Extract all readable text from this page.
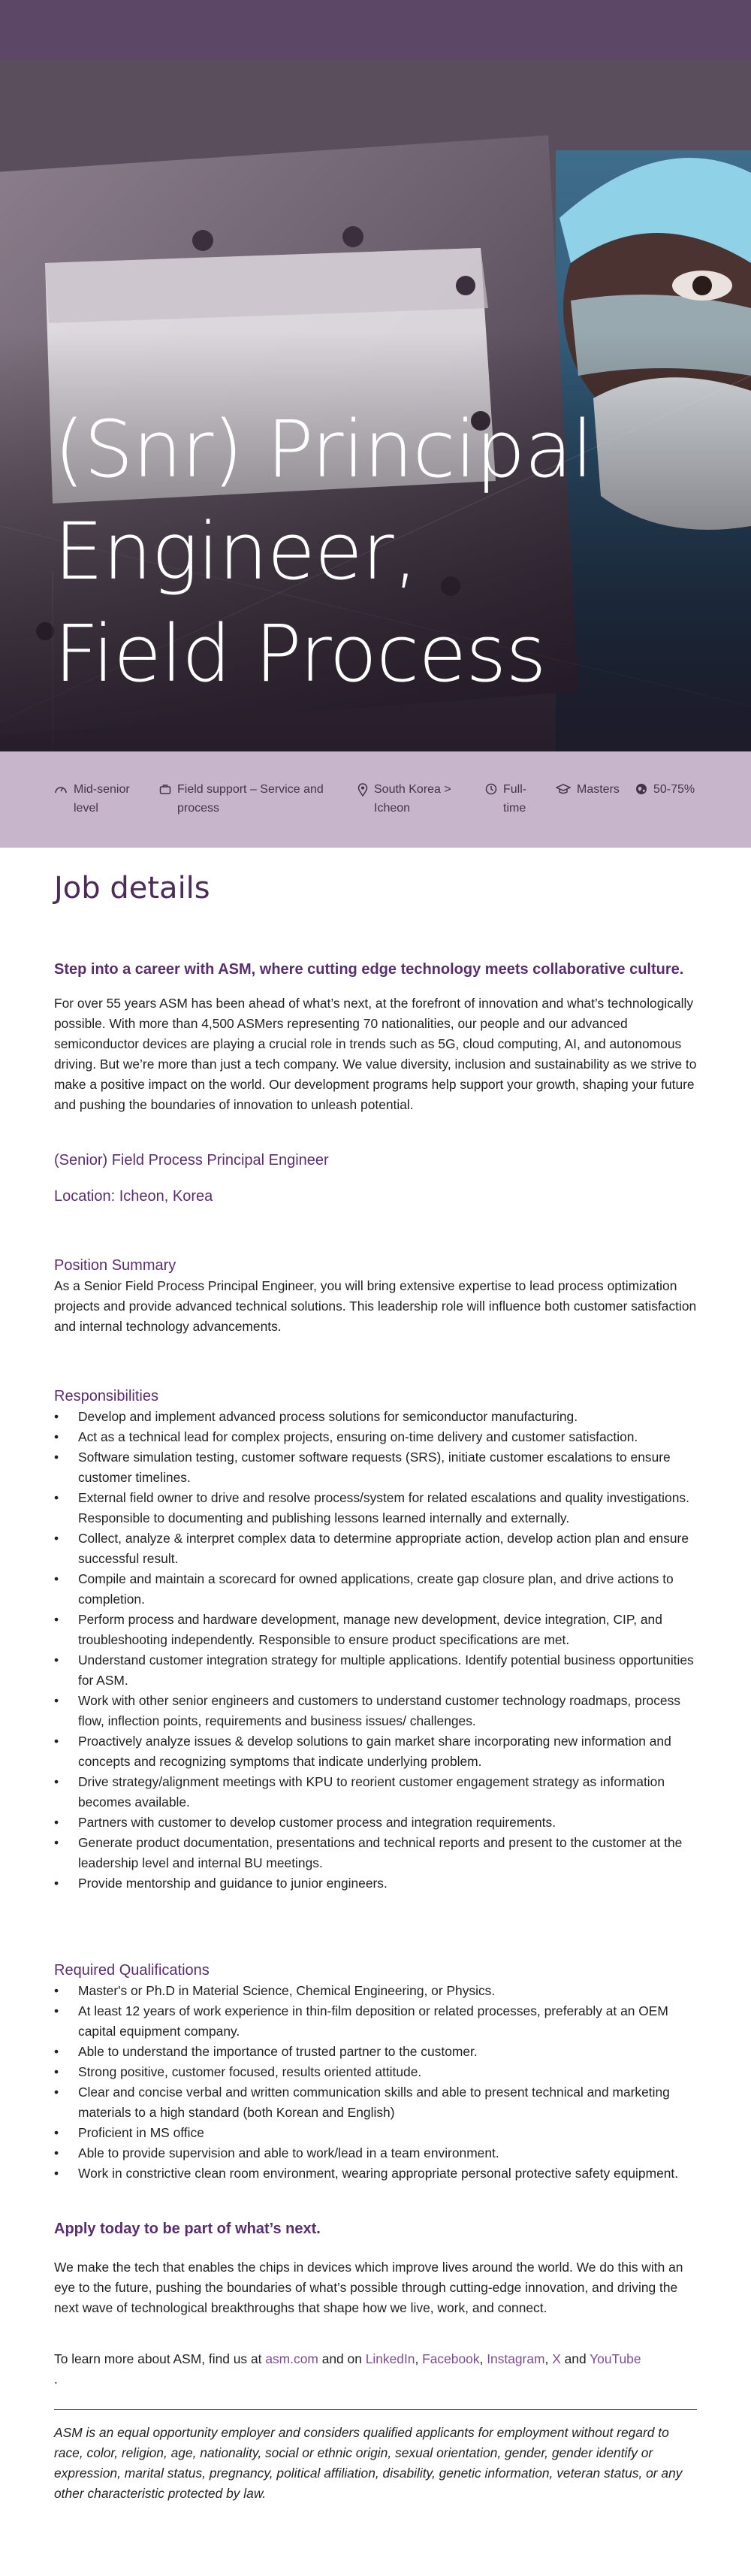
(Snr) Principal
Engineer,
Field Process
Mid-senior level
Field support – Service and process
South Korea > Icheon
Full-time
Masters	50-75%
Job details
Step into a career with ASM, where cutting edge technology meets collaborative culture.

For over 55 years ASM has been ahead of what’s next, at the forefront of innovation and what’s technologically possible. With more than 4,500 ASMers representing 70 nationalities, our people and our advanced semiconductor devices are playing a crucial role in trends such as 5G, cloud computing, AI, and autonomous driving. But we’re more than just a tech company. We value diversity, inclusion and sustainability as we strive to make a positive impact on the world. Our development programs help support your growth, shaping your future and pushing the boundaries of innovation to unleash potential.

(Senior) Field Process Principal Engineer
Location: Icheon, Korea
Position Summary

As a Senior Field Process Principal Engineer, you will bring extensive expertise to lead process optimization projects and provide advanced technical solutions. This leadership role will influence both customer satisfaction and internal technology advancements.

Responsibilities
• Develop and implement advanced process solutions for semiconductor manufacturing.
• Act as a technical lead for complex projects, ensuring on-time delivery and customer satisfaction.
• Software simulation testing, customer software requests (SRS), initiate customer escalations to ensure customer timelines.
• External field owner to drive and resolve process/system for related escalations and quality investigations. Responsible to documenting and publishing lessons learned internally and externally.
• Collect, analyze & interpret complex data to determine appropriate action, develop action plan and ensure successful result.
• Compile and maintain a scorecard for owned applications, create gap closure plan, and drive actions to completion.
• Perform process and hardware development, manage new development, device integration, CIP, and troubleshooting independently. Responsible to ensure product specifications are met.
• Understand customer integration strategy for multiple applications. Identify potential business opportunities for ASM.
• Work with other senior engineers and customers to understand customer technology roadmaps, process flow, inflection points, requirements and business issues/ challenges.
• Proactively analyze issues & develop solutions to gain market share incorporating new information and concepts and recognizing symptoms that indicate underlying problem.
• Drive strategy/alignment meetings with KPU to reorient customer engagement strategy as information becomes available.
• Partners with customer to develop customer process and integration requirements.
• Generate product documentation, presentations and technical reports and present to the customer at the leadership level and internal BU meetings.
• Provide mentorship and guidance to junior engineers.
Required Qualifications
• Master's or Ph.D in Material Science, Chemical Engineering, or Physics.
• At least 12 years of work experience in thin-film deposition or related processes, preferably at an OEM capital equipment company.
• Able to understand the importance of trusted partner to the customer.
• Strong positive, customer focused, results oriented attitude.
• Clear and concise verbal and written communication skills and able to present technical and marketing materials to a high standard (both Korean and English)
• Proficient in MS office
• Able to provide supervision and able to work/lead in a team environment.
• Work in constrictive clean room environment, wearing appropriate personal protective safety equipment.
Apply today to be part of what’s next.

We make the tech that enables the chips in devices which improve lives around the world. We do this with an eye to the future, pushing the boundaries of what’s possible through cutting-edge innovation, and driving the next wave of technological breakthroughs that shape how we live, work, and connect.

To learn more about ASM, find us at asm.com and on LinkedIn, Facebook, Instagram, X and YouTube
.

ASM is an equal opportunity employer and considers qualified applicants for employment without regard to race, color, religion, age, nationality, social or ethnic origin, sexual orientation, gender, gender identify or expression, marital status, pregnancy, political affiliation, disability, genetic information, veteran status, or any other characteristic protected by law.
